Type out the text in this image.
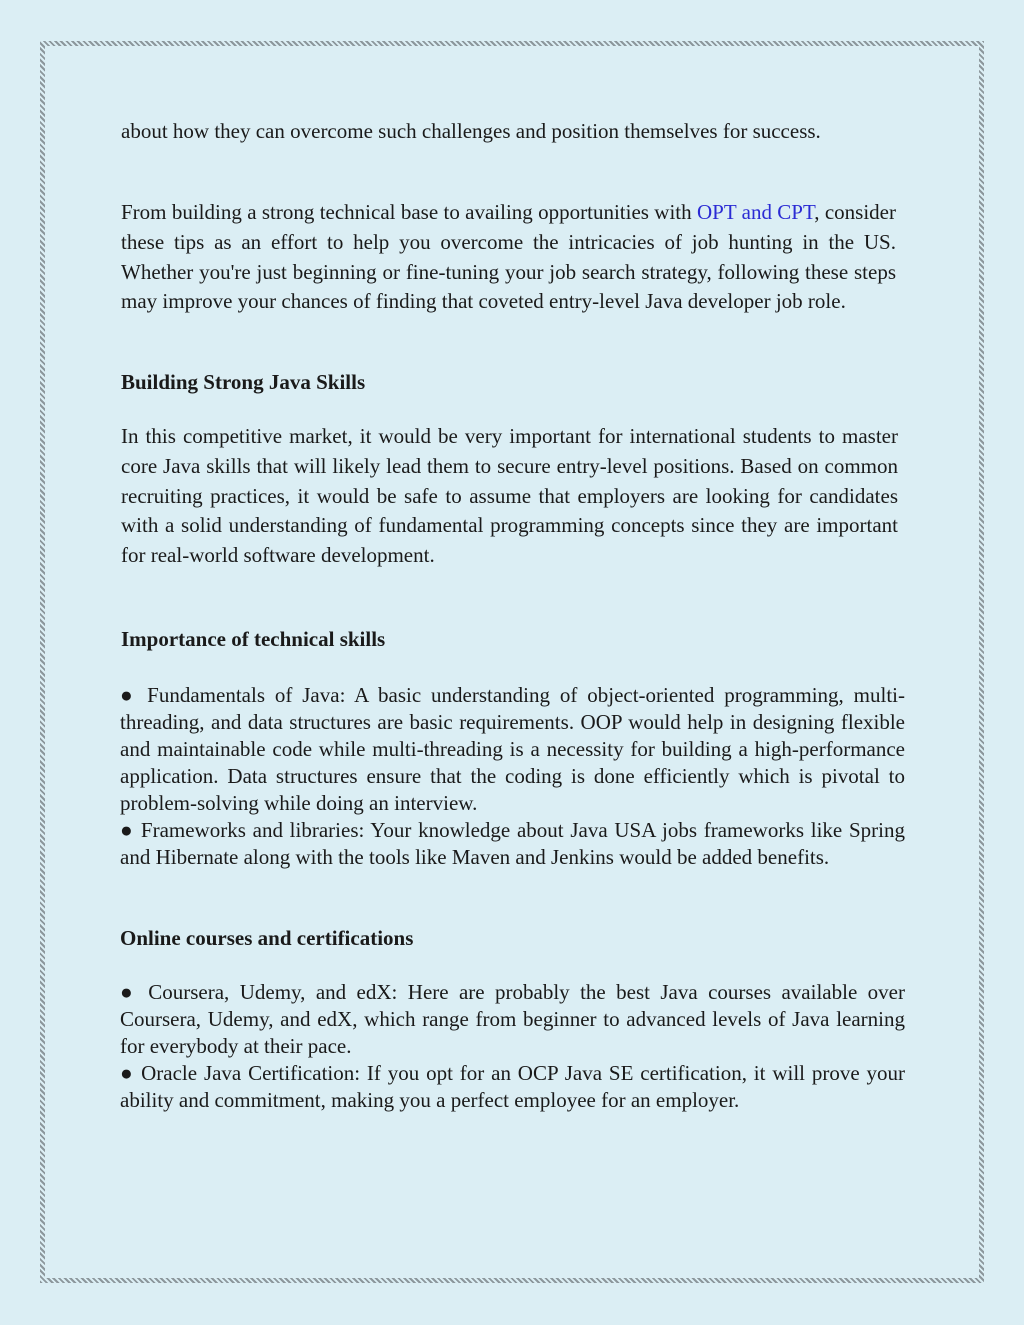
about how they can overcome such challenges and position themselves for success.

From building a strong technical base to availing opportunities with OPT and CPT, consider these tips as an effort to help you overcome the intricacies of job hunting in the US. Whether you're just beginning or fine-tuning your job search strategy, following these steps may improve your chances of finding that coveted entry-level Java developer job role.

Building Strong Java Skills

In this competitive market, it would be very important for international students to master core Java skills that will likely lead them to secure entry-level positions. Based on common recruiting practices, it would be safe to assume that employers are looking for candidates with a solid understanding of fundamental programming concepts since they are important for real-world software development.

Importance of technical skills

● Fundamentals of Java: A basic understanding of object-oriented programming, multi-threading, and data structures are basic requirements. OOP would help in designing flexible and maintainable code while multi-threading is a necessity for building a high-performance application. Data structures ensure that the coding is done efficiently which is pivotal to problem-solving while doing an interview.

● Frameworks and libraries: Your knowledge about Java USA jobs frameworks like Spring and Hibernate along with the tools like Maven and Jenkins would be added benefits.

Online courses and certifications

● Coursera, Udemy, and edX: Here are probably the best Java courses available over Coursera, Udemy, and edX, which range from beginner to advanced levels of Java learning for everybody at their pace.

● Oracle Java Certification: If you opt for an OCP Java SE certification, it will prove your ability and commitment, making you a perfect employee for an employer.
